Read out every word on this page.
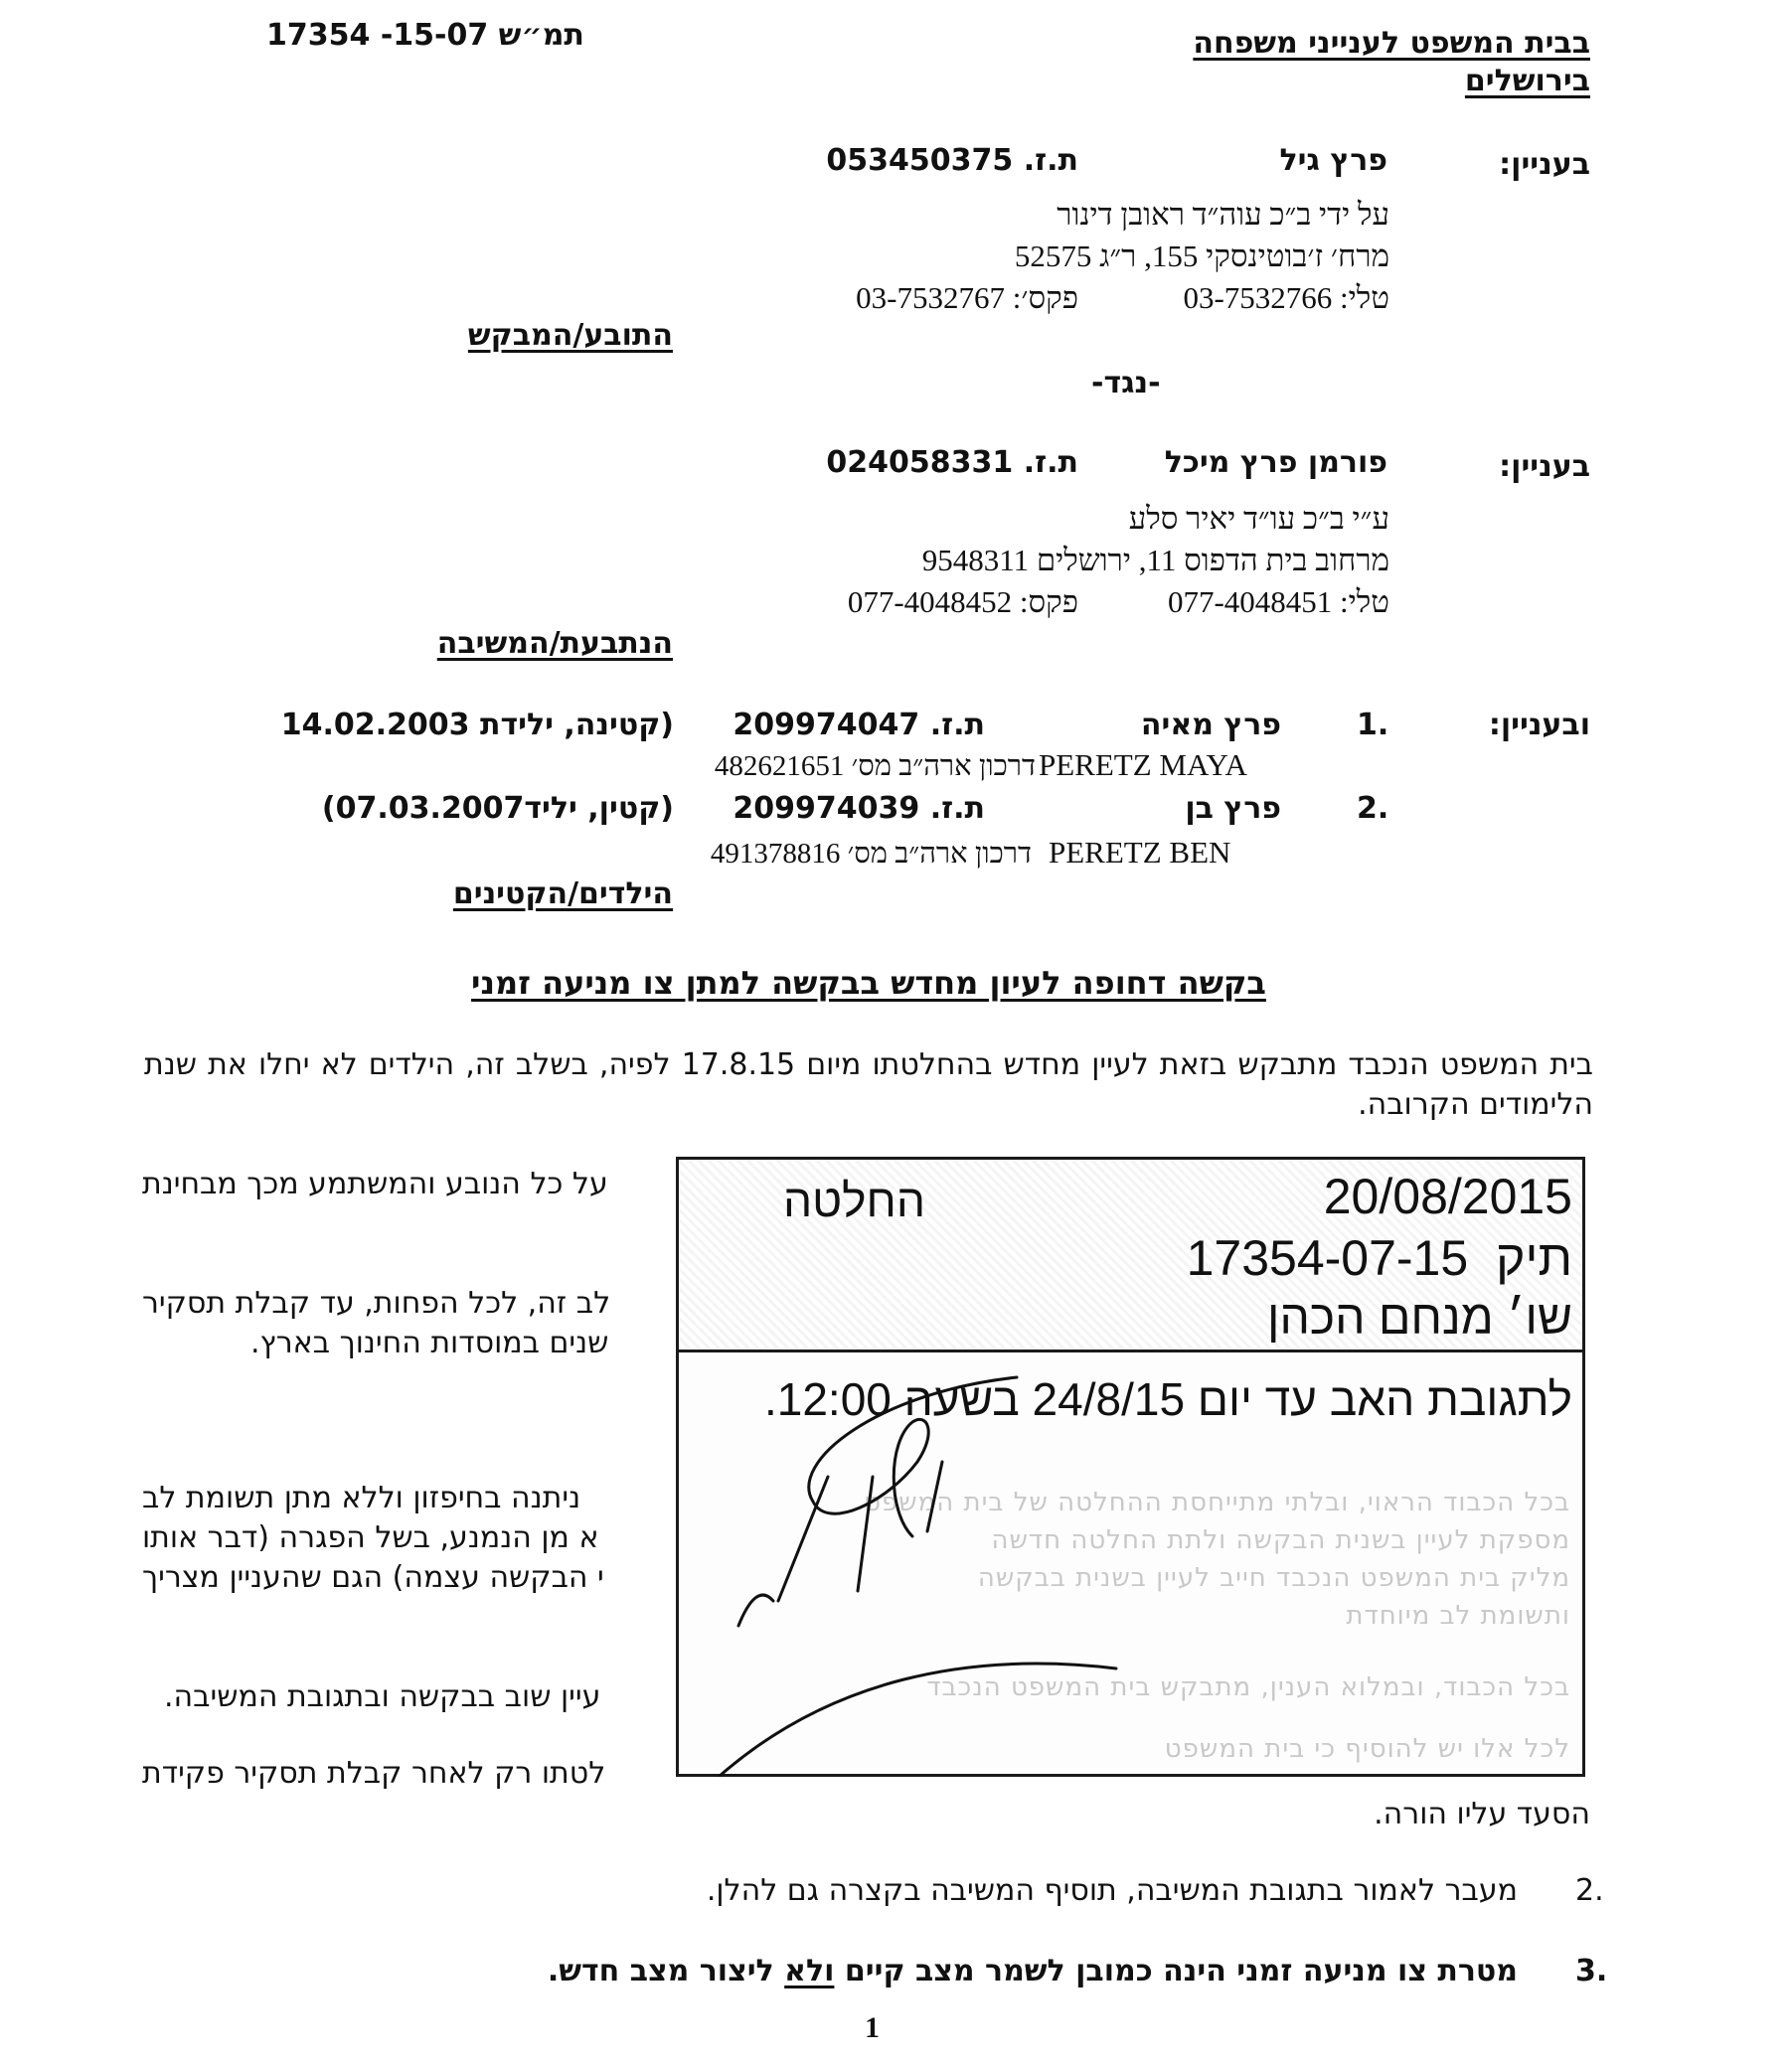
תמ״ש 15-07- 17354	בבית המשפט לענייני משפחה
בירושלים
בעניין:
פרץ גיל
ת.ז. 053450375
על ידי ב״כ עוה״ד ראובן דינור
מרח׳ ז׳בוטינסקי 155, ר״ג 52575
טלי: 03-7532766
פקס׳: 03-7532767
התובע/המבקש
-נגד-
בעניין:
פורמן פרץ מיכל
ת.ז. 024058331
ע״י ב״כ עו״ד יאיר סלע
מרחוב בית הדפוס 11, ירושלים 9548311
טלי: 077-4048451
פקס: 077-4048452
הנתבעת/המשיבה
ובעניין:
1.
פרץ מאיה
ת.ז. 209974047
(קטינה, ילידת 14.02.2003
PERETZ MAYA
דרכון ארה״ב מס׳ 482621651
2.
פרץ בן
ת.ז. 209974039
(קטין, יליד07.03.2007)
PERETZ BEN
דרכון ארה״ב מס׳ 491378816
הילדים/הקטינים
בקשה דחופה לעיון מחדש בבקשה למתן צו מניעה זמני
בית המשפט הנכבד מתבקש בזאת לעיין מחדש בהחלטתו מיום 17.8.15 לפיה, בשלב זה, הילדים לא יחלו את שנת הלימודים הקרובה.
על כל הנובע והמשתמע מכך מבחינת
לב זה, לכל הפחות, עד קבלת תסקיר
שנים במוסדות החינוך בארץ.
ניתנה בחיפזון וללא מתן תשומת לב
א מן הנמנע, בשל הפגרה (דבר אותו
י הבקשה עצמה) הגם שהעניין מצריך
עיין שוב בבקשה ובתגובת המשיבה.
לטתו רק לאחר קבלת תסקיר פקידת
הסעד עליו הורה.
2.
מעבר לאמור בתגובת המשיבה, תוסיף המשיבה בקצרה גם להלן.
3.
מטרת צו מניעה זמני הינה כמובן לשמר מצב קיים ולא ליצור מצב חדש.
החלטה	20/08/2015
תיק  17354-07-15
שו׳ מנחם הכהן
לתגובת האב עד יום 24/8/15 בשעה 12:00.
בכל הכבוד הראוי, ובלתי מתייחסת ההחלטה של בית המשפט
מספקת לעיין בשנית הבקשה ולתת החלטה חדשה
מליק בית המשפט הנכבד חייב לעיין בשנית בבקשה
ותשומת לב מיוחדת
בכל הכבוד, ובמלוא הענין, מתבקש בית המשפט הנכבד
לכל אלו יש להוסיף כי בית המשפט
1
